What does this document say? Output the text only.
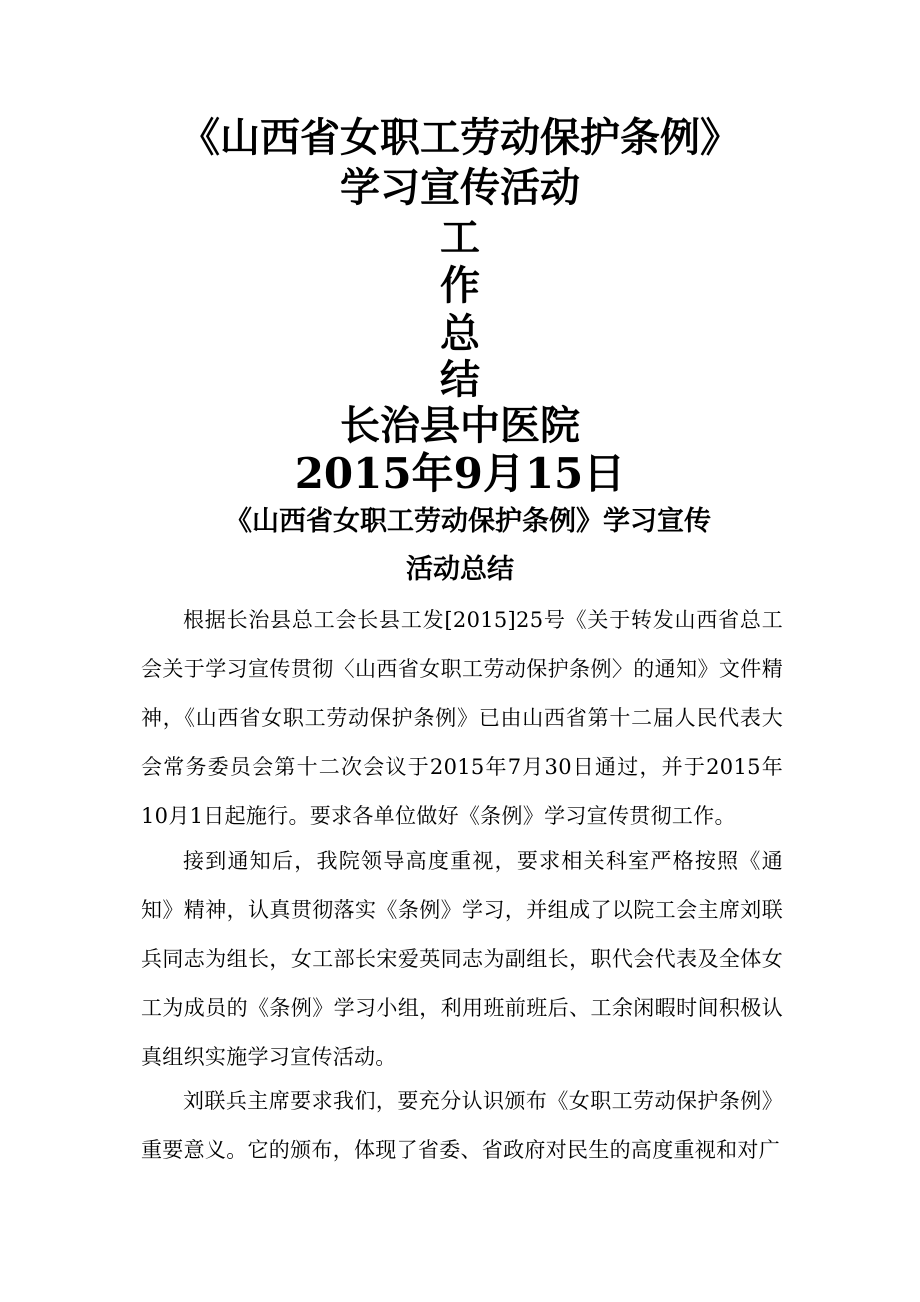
《山西省女职工劳动保护条例》
学习宣传活动
工
作
总
结
长治县中医院
2015年9月15日
《山西省女职工劳动保护条例》学习宣传
活动总结

根据长治县总工会长县工发[2015]25号《关于转发山西省总工会关于学习宣传贯彻〈山西省女职工劳动保护条例〉的通知》文件精神，《山西省女职工劳动保护条例》已由山西省第十二届人民代表大会常务委员会第十二次会议于2015年7月30日通过，并于2015年10月1日起施行。要求各单位做好《条例》学习宣传贯彻工作。

接到通知后，我院领导高度重视，要求相关科室严格按照《通知》精神，认真贯彻落实《条例》学习，并组成了以院工会主席刘联兵同志为组长，女工部长宋爱英同志为副组长，职代会代表及全体女工为成员的《条例》学习小组，利用班前班后、工余闲暇时间积极认真组织实施学习宣传活动。

刘联兵主席要求我们，要充分认识颁布《女职工劳动保护条例》重要意义。它的颁布，体现了省委、省政府对民生的高度重视和对广
